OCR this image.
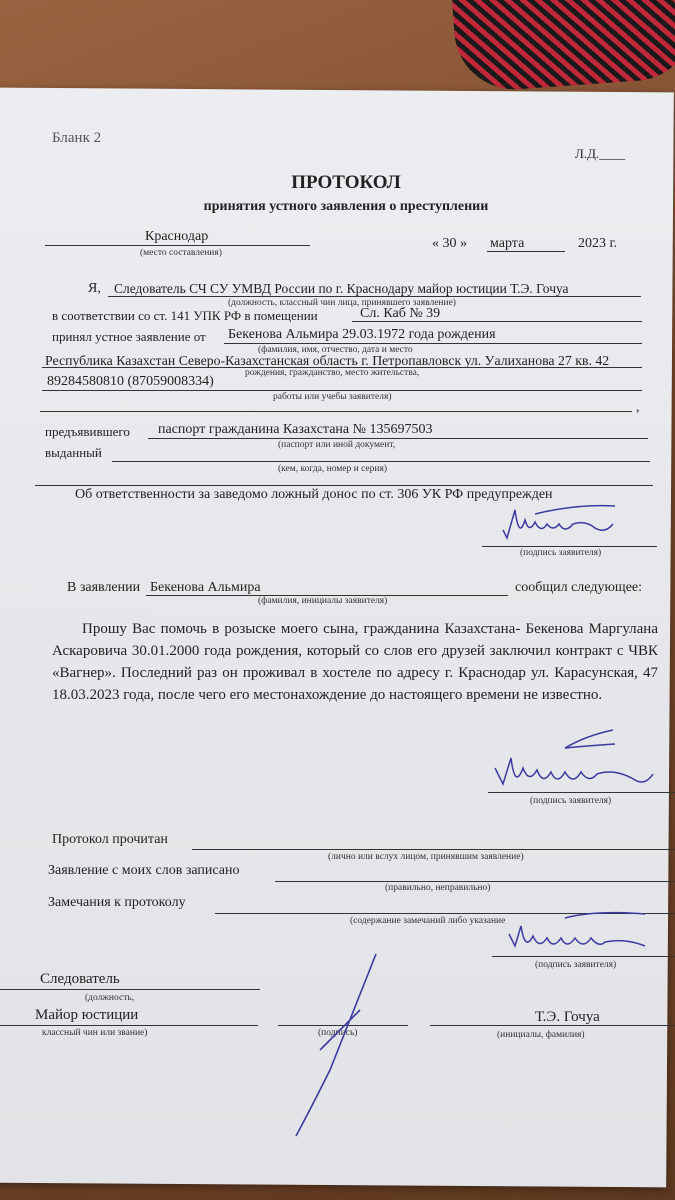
Бланк 2
Л.Д.____
ПРОТОКОЛ
принятия устного заявления о преступлении
Краснодар
(место составления)
« 30 » марта	2023 г.
Я, Следователь СЧ СУ УМВД России по г. Краснодару майор юстиции Т.Э. Гочуа
(должность, классный чин лица, принявшего заявление)
в соответствии со ст. 141 УПК РФ в помещении	Сл. Каб № 39
принял устное заявление от Бекенова Альмира 29.03.1972 года рождения
(фамилия, имя, отчество, дата и место
Республика Казахстан Северо-Казахстанская область г. Петропавловск ул. Уалиханова 27 кв. 42
рождения, гражданство, место жительства,
89284580810 (87059008334)
работы или учебы заявителя)
,
предъявившего паспорт гражданина Казахстана № 135697503
(паспорт или иной документ,
выданный
(кем, когда, номер и серия)
Об ответственности за заведомо ложный донос по ст. 306 УК РФ предупрежден
(подпись заявителя)
В заявлении Бекенова Альмира	сообщил следующее:
(фамилия, инициалы заявителя)
Прошу Вас помочь в розыске моего сына, гражданина Казахстана- Бекенова Маргулана Аскаровича 30.01.2000 года рождения, который со слов его друзей заключил контракт с ЧВК «Вагнер». Последний раз он проживал в хостеле по адресу г. Краснодар ул. Карасунская, 47 18.03.2023 года, после чего его местонахождение до настоящего времени не известно.
(подпись заявителя)
Протокол прочитан
(лично или вслух лицом, принявшим заявление)
Заявление с моих слов записано
(правильно, неправильно)
Замечания к протоколу
(содержание замечаний либо указание
(подпись заявителя)
Следователь
(должность,
Майор юстиции
классный чин или звание)	(подпись)
Т.Э. Гочуа
(инициалы, фамилия)
